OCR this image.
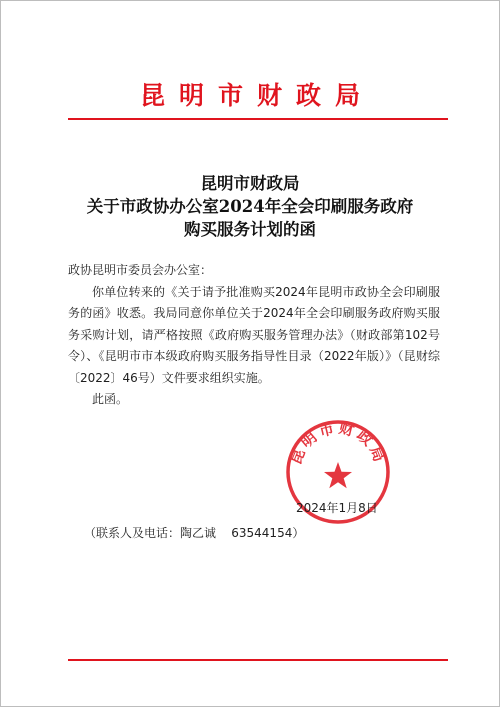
昆明市财政局
昆明市财政局
关于市政协办公室2024年全会印刷服务政府
购买服务计划的函

政协昆明市委员会办公室：

你单位转来的《关于请予批准购买2024年昆明市政协全会印刷服务的函》收悉。我局同意你单位关于2024年全会印刷服务政府购买服务采购计划，请严格按照《政府购买服务管理办法》（财政部第102号令）、《昆明市市本级政府购买服务指导性目录（2022年版）》（昆财综〔2022〕46号）文件要求组织实施。

此函。

昆明市财政局
2024年1月8日
（联系人及电话：陶乙诚    63544154）
